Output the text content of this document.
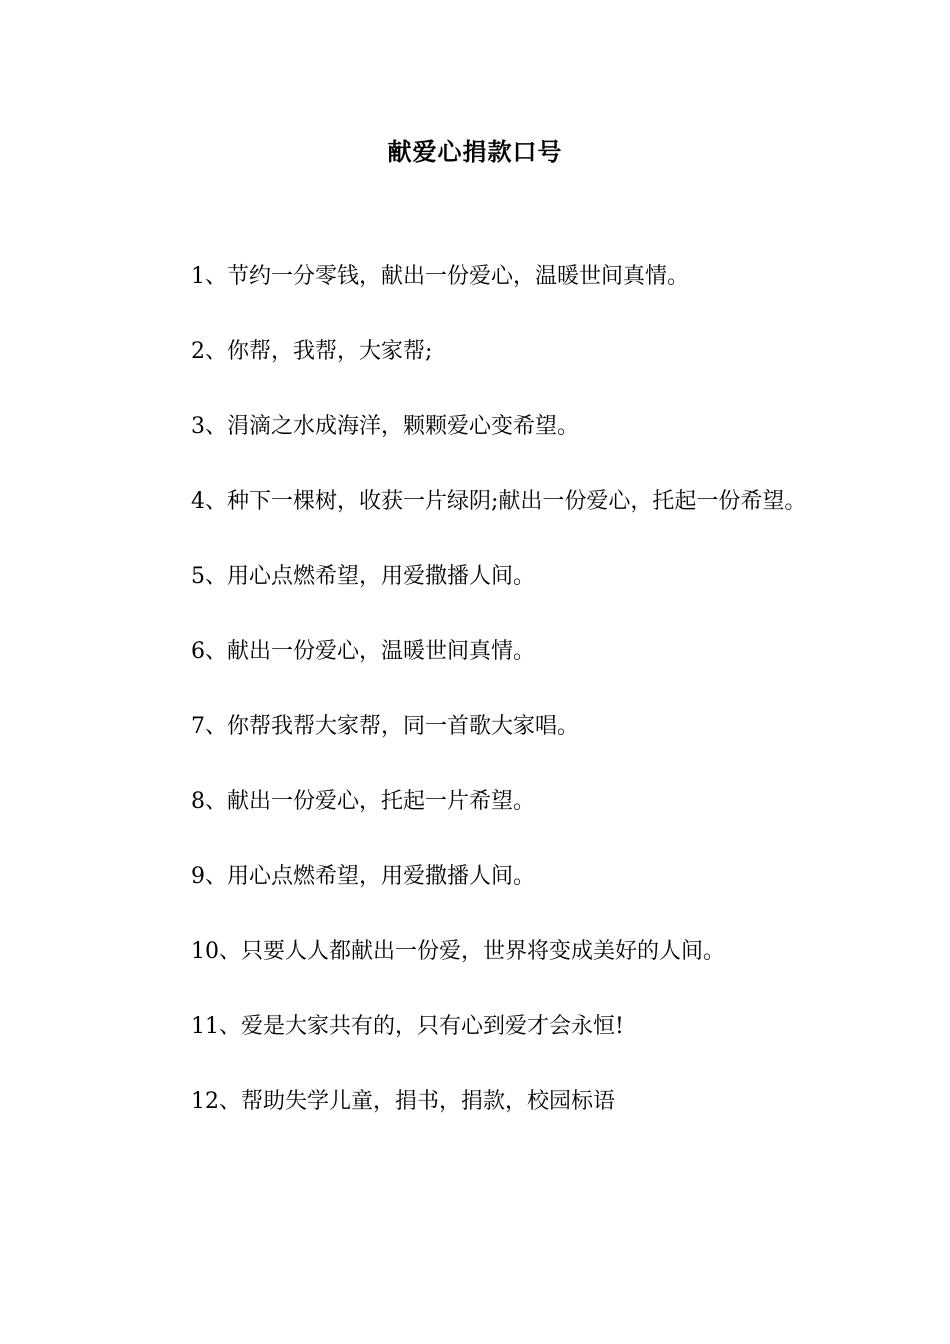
献爱心捐款口号

1、节约一分零钱，献出一份爱心，温暖世间真情。

2、你帮，我帮，大家帮;

3、涓滴之水成海洋，颗颗爱心变希望。

4、种下一棵树，收获一片绿阴;献出一份爱心，托起一份希望。

5、用心点燃希望，用爱撒播人间。

6、献出一份爱心，温暖世间真情。

7、你帮我帮大家帮，同一首歌大家唱。

8、献出一份爱心，托起一片希望。

9、用心点燃希望，用爱撒播人间。

10、只要人人都献出一份爱，世界将变成美好的人间。

11、爱是大家共有的，只有心到爱才会永恒!

12、帮助失学儿童，捐书，捐款，校园标语
